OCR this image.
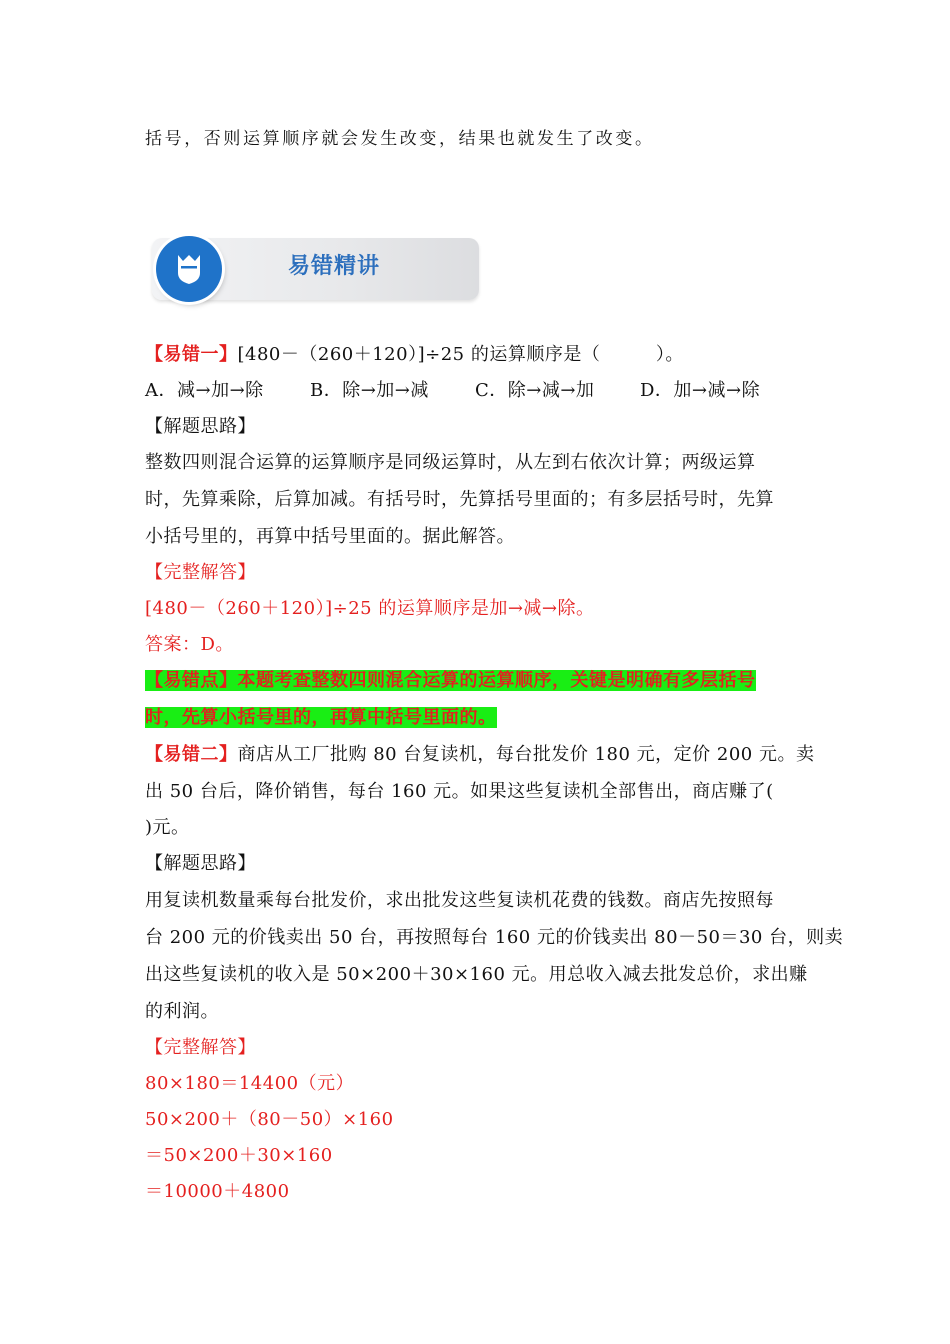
括号，否则运算顺序就会发生改变，结果也就发生了改变。
易错精讲
【易错一】[480－（260＋120）]÷25 的运算顺序是（　　　）。
A．减→加→除	B．除→加→减	C．除→减→加	D．加→减→除
【解题思路】
整数四则混合运算的运算顺序是同级运算时，从左到右依次计算；两级运算
时，先算乘除，后算加减。有括号时，先算括号里面的；有多层括号时，先算
小括号里的，再算中括号里面的。据此解答。
【完整解答】
[480－（260＋120）]÷25 的运算顺序是加→减→除。
答案：D。
【易错点】本题考查整数四则混合运算的运算顺序，关键是明确有多层括号
时，先算小括号里的，再算中括号里面的。
【易错二】商店从工厂批购 80 台复读机，每台批发价 180 元，定价 200 元。卖
出 50 台后，降价销售，每台 160 元。如果这些复读机全部售出，商店赚了(
)元。
【解题思路】
用复读机数量乘每台批发价，求出批发这些复读机花费的钱数。商店先按照每
台 200 元的价钱卖出 50 台，再按照每台 160 元的价钱卖出 80－50＝30 台，则卖
出这些复读机的收入是 50×200＋30×160 元。用总收入减去批发总价，求出赚
的利润。
【完整解答】
80×180＝14400（元）
50×200＋（80－50）×160
＝50×200＋30×160
＝10000＋4800
